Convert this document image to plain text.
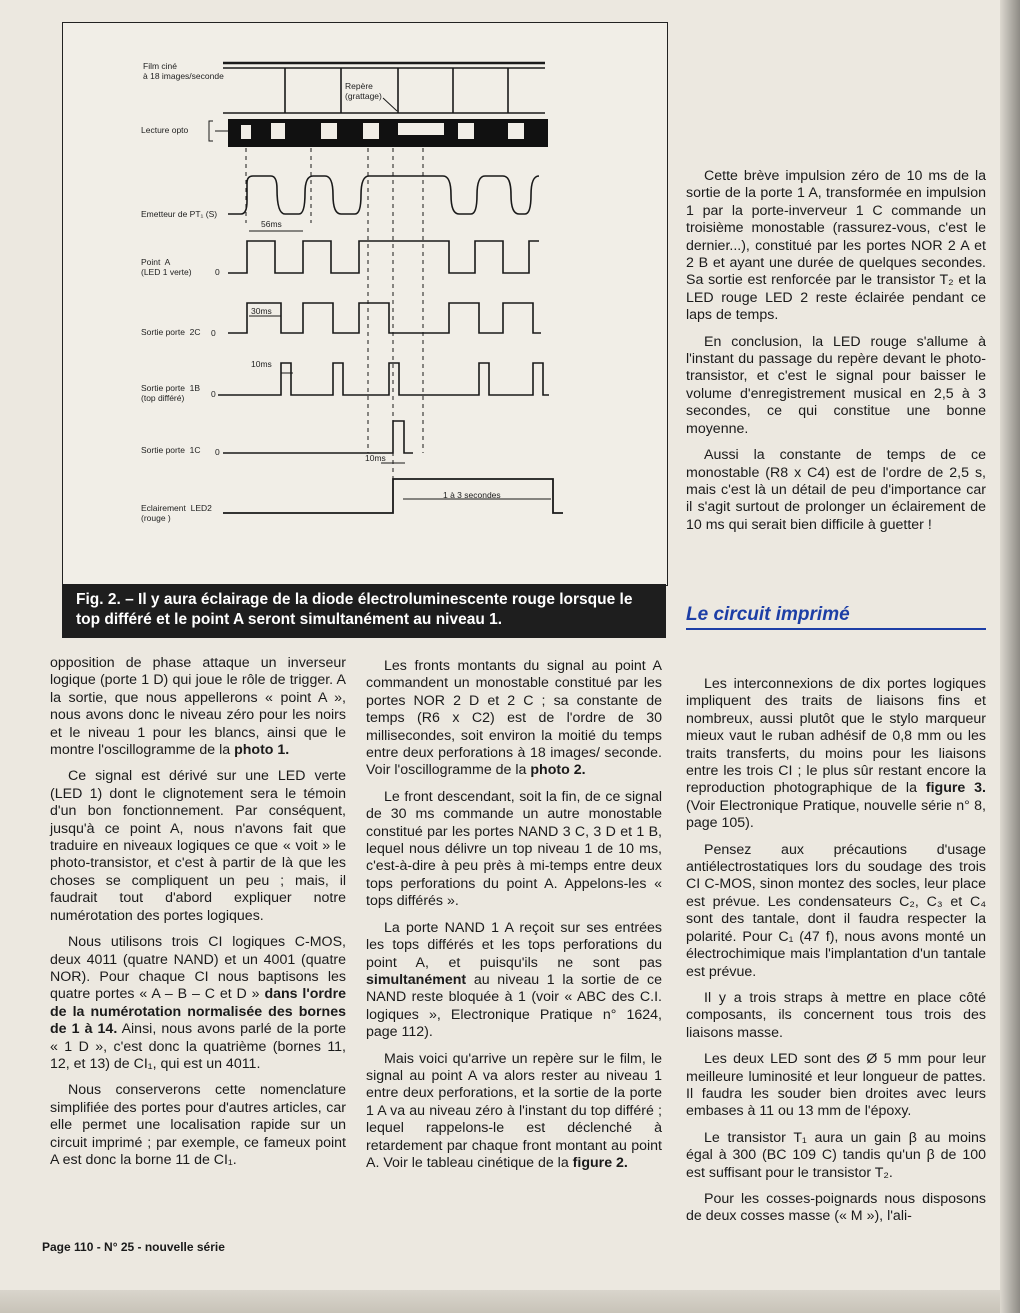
Film ciné
à 18 images/seconde
Repère
(grattage)
Lecture opto
Emetteur de PT₁ (S)
Point  A
(LED 1 verte)	0
Sortie porte  2C 0
Sortie porte  1B
(top différé)	0
Sortie porte  1C 0
Eclairement  LED2
(rouge )
56ms
30ms
10ms
10ms
1 à 3 secondes
Fig. 2. – Il y aura éclairage de la diode électroluminescente rouge lorsque le top différé et le point A seront simultanément au niveau 1.

opposition de phase attaque un inverseur logique (porte 1 D) qui joue le rôle de trigger. A la sortie, que nous appellerons « point A », nous avons donc le niveau zéro pour les noirs et le niveau 1 pour les blancs, ainsi que le montre l'oscillogramme de la photo 1.

Ce signal est dérivé sur une LED verte (LED 1) dont le clignotement sera le témoin d'un bon fonctionnement. Par conséquent, jusqu'à ce point A, nous n'avons fait que traduire en niveaux logiques ce que « voit » le photo-transistor, et c'est à partir de là que les choses se compliquent un peu ; mais, il faudrait tout d'abord expliquer notre numérotation des portes logiques.

Nous utilisons trois CI logiques C-MOS, deux 4011 (quatre NAND) et un 4001 (quatre NOR). Pour chaque CI nous baptisons les quatre portes « A – B – C et D » dans l'ordre de la numérotation normalisée des bornes de 1 à 14. Ainsi, nous avons parlé de la porte « 1 D », c'est donc la quatrième (bornes 11, 12, et 13) de CI₁, qui est un 4011.

Nous conserverons cette nomenclature simplifiée des portes pour d'autres articles, car elle permet une localisation rapide sur un circuit imprimé ; par exemple, ce fameux point A est donc la borne 11 de CI₁.

Les fronts montants du signal au point A commandent un monostable constitué par les portes NOR 2 D et 2 C ; sa constante de temps (R6 x C2) est de l'ordre de 30 millisecondes, soit environ la moitié du temps entre deux perforations à 18 images/ seconde. Voir l'oscillogramme de la photo 2.

Le front descendant, soit la fin, de ce signal de 30 ms commande un autre monostable constitué par les portes NAND 3 C, 3 D et 1 B, lequel nous délivre un top niveau 1 de 10 ms, c'est-à-dire à peu près à mi-temps entre deux tops perforations du point A. Appelons-les « tops différés ».

La porte NAND 1 A reçoit sur ses entrées les tops différés et les tops perforations du point A, et puisqu'ils ne sont pas simultanément au niveau 1 la sortie de ce NAND reste bloquée à 1 (voir « ABC des C.I. logiques », Electronique Pratique n° 1624, page 112).

Mais voici qu'arrive un repère sur le film, le signal au point A va alors rester au niveau 1 entre deux perforations, et la sortie de la porte 1 A va au niveau zéro à l'instant du top différé ; lequel rappelons-le est déclenché à retardement par chaque front montant au point A. Voir le tableau cinétique de la figure 2.

Cette brève impulsion zéro de 10 ms de la sortie de la porte 1 A, transformée en impulsion 1 par la porte-inverveur 1 C commande un troisième monostable (rassurez-vous, c'est le dernier...), constitué par les portes NOR 2 A et 2 B et ayant une durée de quelques secondes. Sa sortie est renforcée par le transistor T₂ et la LED rouge LED 2 reste éclairée pendant ce laps de temps.

En conclusion, la LED rouge s'allume à l'instant du passage du repère devant le photo-transistor, et c'est le signal pour baisser le volume d'enregistrement musical en 2,5 à 3 secondes, ce qui constitue une bonne moyenne.

Aussi la constante de temps de ce monostable (R8 x C4) est de l'ordre de 2,5 s, mais c'est là un détail de peu d'importance car il s'agit surtout de prolonger un éclairement de 10 ms qui serait bien difficile à guetter !

Le circuit imprimé

Les interconnexions de dix portes logiques impliquent des traits de liaisons fins et nombreux, aussi plutôt que le stylo marqueur mieux vaut le ruban adhésif de 0,8 mm ou les traits transferts, du moins pour les liaisons entre les trois CI ; le plus sûr restant encore la reproduction photographique de la figure 3. (Voir Electronique Pratique, nouvelle série n° 8, page 105).

Pensez aux précautions d'usage antiélectrostatiques lors du soudage des trois CI C-MOS, sinon montez des socles, leur place est prévue. Les condensateurs C₂, C₃ et C₄ sont des tantale, dont il faudra respecter la polarité. Pour C₁ (47 f), nous avons monté un électrochimique mais l'implantation d'un tantale est prévue.

Il y a trois straps à mettre en place côté composants, ils concernent tous trois des liaisons masse.

Les deux LED sont des Ø 5 mm pour leur meilleure luminosité et leur longueur de pattes. Il faudra les souder bien droites avec leurs embases à 11 ou 13 mm de l'époxy.

Le transistor T₁ aura un gain β au moins égal à 300 (BC 109 C) tandis qu'un β de 100 est suffisant pour le transistor T₂.

Pour les cosses-poignards nous disposons de deux cosses masse (« M »), l'ali-

Page 110 - N° 25 - nouvelle série
